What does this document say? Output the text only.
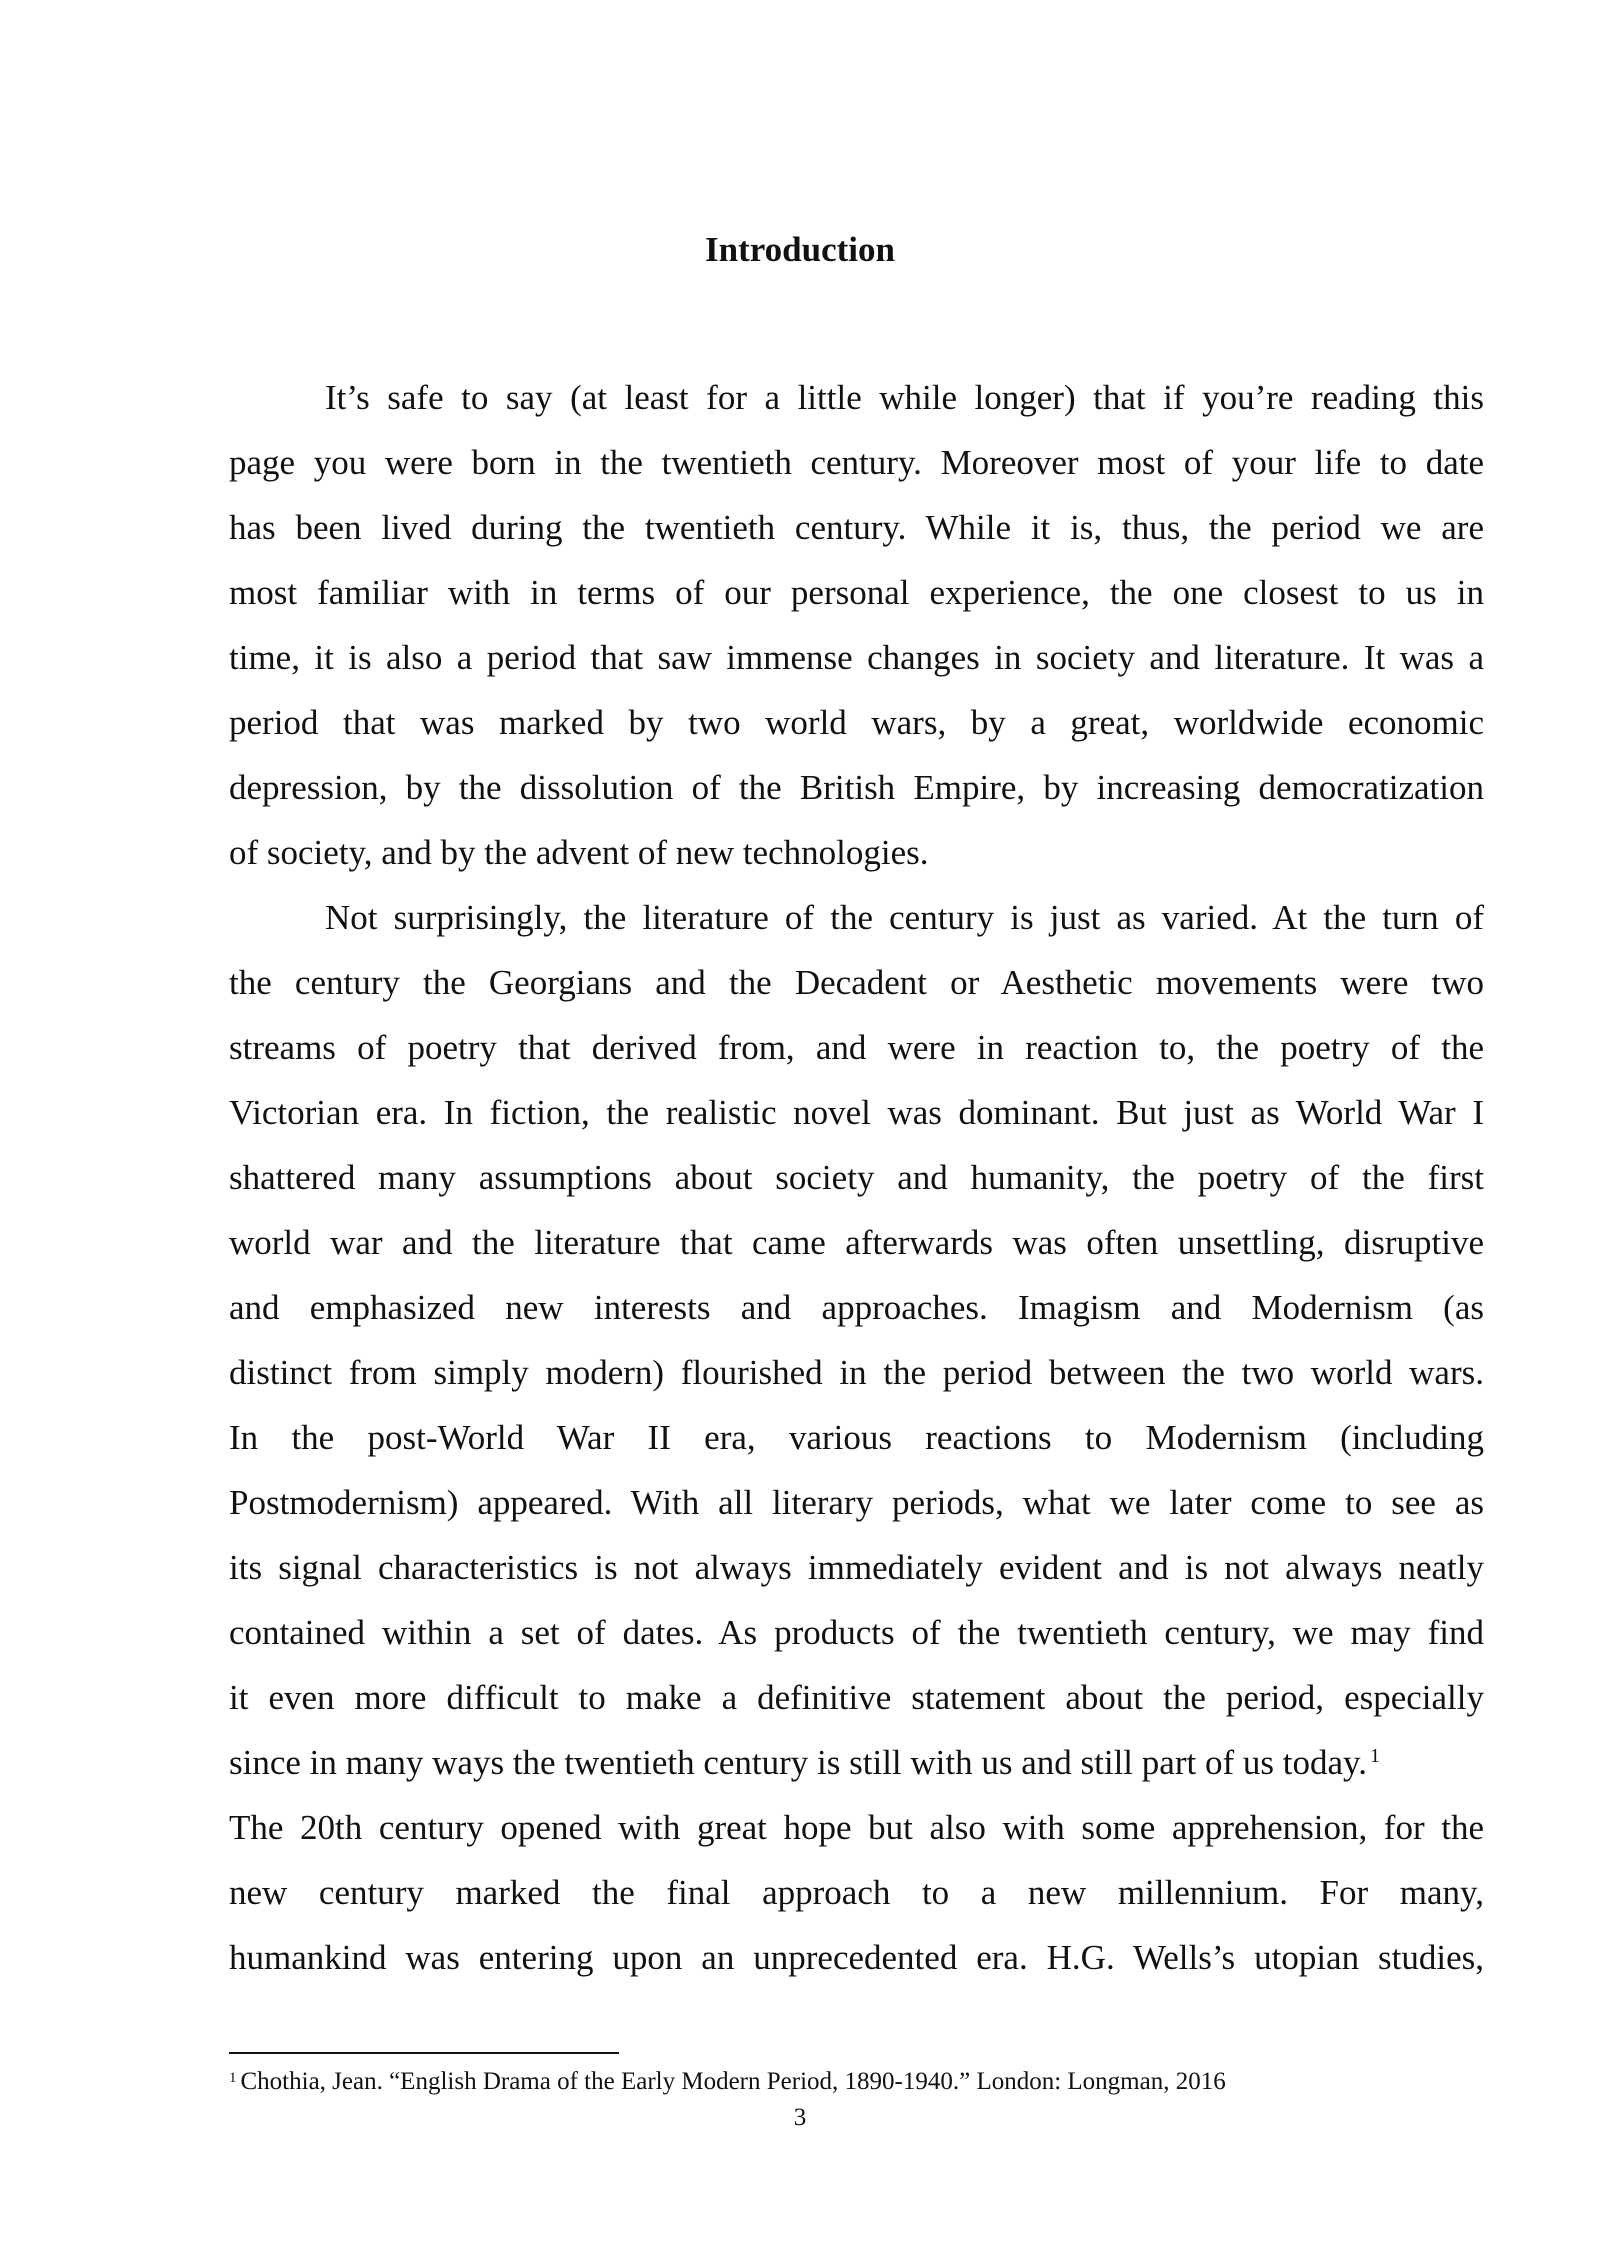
Introduction
It’s safe to say (at least for a little while longer) that if you’re reading this
page you were born in the twentieth century. Moreover most of your life to date
has been lived during the twentieth century. While it is, thus, the period we are
most familiar with in terms of our personal experience, the one closest to us in
time, it is also a period that saw immense changes in society and literature. It was a
period that was marked by two world wars, by a great, worldwide economic
depression, by the dissolution of the British Empire, by increasing democratization
of society, and by the advent of new technologies.
Not surprisingly, the literature of the century is just as varied. At the turn of
the century the Georgians and the Decadent or Aesthetic movements were two
streams of poetry that derived from, and were in reaction to, the poetry of the
Victorian era. In fiction, the realistic novel was dominant. But just as World War I
shattered many assumptions about society and humanity, the poetry of the first
world war and the literature that came afterwards was often unsettling, disruptive
and emphasized new interests and approaches. Imagism and Modernism (as
distinct from simply modern) flourished in the period between the two world wars.
In the post-World War II era, various reactions to Modernism (including
Postmodernism) appeared. With all literary periods, what we later come to see as
its signal characteristics is not always immediately evident and is not always neatly
contained within a set of dates. As products of the twentieth century, we may find
it even more difficult to make a definitive statement about the period, especially
since in many ways the twentieth century is still with us and still part of us today. $^1$
The 20th century opened with great hope but also with some apprehension, for the
new century marked the final approach to a new millennium. For many,
humankind was entering upon an unprecedented era. H.G. Wells’s utopian studies,
$^1$ Chothia, Jean. “English Drama of the Early Modern Period, 1890-1940.” London: Longman, 2016
3
